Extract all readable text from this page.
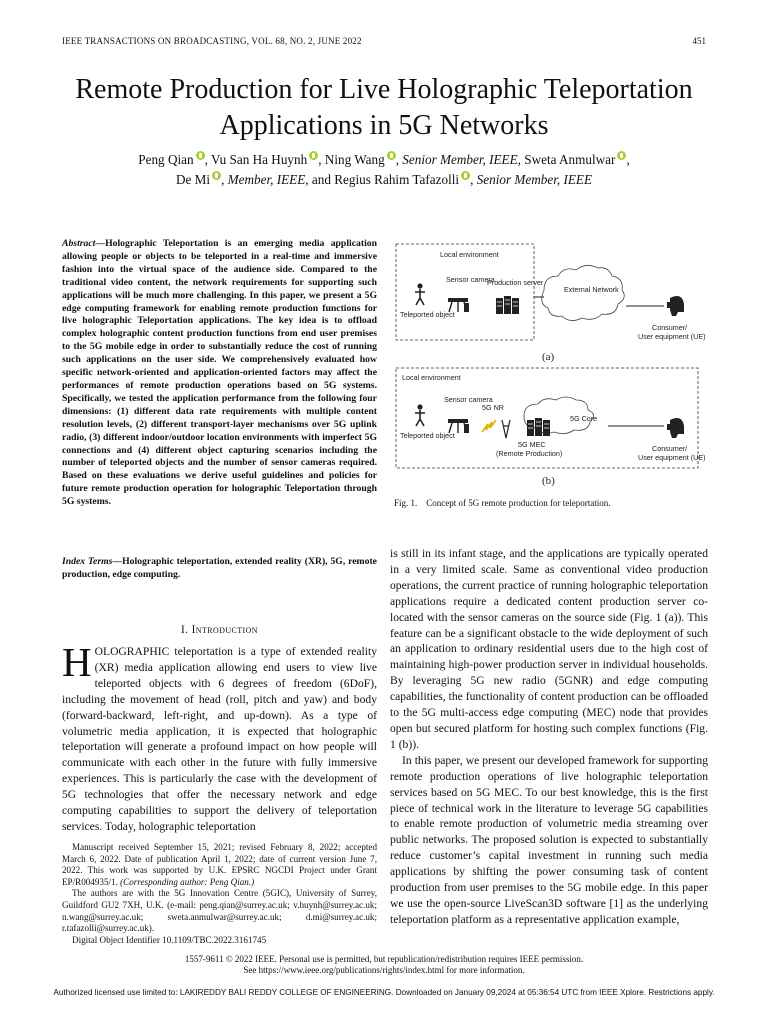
IEEE TRANSACTIONS ON BROADCASTING, VOL. 68, NO. 2, JUNE 2022	451
Remote Production for Live Holographic Teleportation Applications in 5G Networks
Peng Qian , Vu San Ha Huynh , Ning Wang , Senior Member, IEEE, Sweta Anmulwar ,
De Mi , Member, IEEE, and Regius Rahim Tafazolli , Senior Member, IEEE
Abstract—Holographic Teleportation is an emerging media application allowing people or objects to be teleported in a real-time and immersive fashion into the virtual space of the audience side. Compared to the traditional video content, the network requirements for supporting such applications will be much more challenging. In this paper, we present a 5G edge computing framework for enabling remote production functions for live holographic Teleportation applications. The key idea is to offload complex holographic content production functions from end user premises to the 5G mobile edge in order to substantially reduce the cost of running such applications on the user side. We comprehensively evaluated how specific network-oriented and application-oriented factors may affect the performances of remote production operations based on 5G systems. Specifically, we tested the application performance from the following four dimensions: (1) different data rate requirements with multiple content resolution levels, (2) different transport-layer mechanisms over 5G uplink radio, (3) different indoor/outdoor location environments with imperfect 5G connections and (4) different object capturing scenarios including the number of teleported objects and the number of sensor cameras required. Based on these evaluations we derive useful guidelines and policies for future remote production operation for holographic Teleportation through 5G systems.
Index Terms—Holographic teleportation, extended reality (XR), 5G, remote production, edge computing.
I. Introduction
HOLOGRAPHIC teleportation is a type of extended reality (XR) media application allowing end users to view live teleported objects with 6 degrees of freedom (6DoF), including the movement of head (roll, pitch and yaw) and body (forward-backward, left-right, and up-down). As a type of volumetric media application, it is expected that holographic teleportation will generate a profound impact on how people will communicate with each other in the future with fully immersive experiences. This is particularly the case with the development of 5G technologies that offer the necessary network and edge computing capabilities to support the delivery of teleportation services. Today, holographic teleportation

Manuscript received September 15, 2021; revised February 8, 2022; accepted March 6, 2022. Date of publication April 1, 2022; date of current version June 7, 2022. This work was supported by U.K. EPSRC NGCDI Project under Grant EP/R004935/1. (Corresponding author: Peng Qian.)

The authors are with the 5G Innovation Centre (5GIC), University of Surrey, Guildford GU2 7XH, U.K. (e-mail: peng.qian@surrey.ac.uk; v.huynh@surrey.ac.uk; n.wang@surrey.ac.uk; sweta.anmulwar@surrey.ac.uk; d.mi@surrey.ac.uk; r.tafazolli@surrey.ac.uk).

Digital Object Identifier 10.1109/TBC.2022.3161745

Local environment
Sensor camera
Production server
Teleported object
External Network
Consumer/
User equipment (UE)
(a)
Local environment
Sensor camera
Teleported object
5G NR
5G Core
5G MEC
(Remote Production)
Consumer/
User equipment (UE)
(b)
Fig. 1.    Concept of 5G remote production for teleportation.

is still in its infant stage, and the applications are typically operated in a very limited scale. Same as conventional video production operations, the current practice of running holographic teleportation applications require a dedicated content production server co-located with the sensor cameras on the source side (Fig. 1 (a)). This feature can be a significant obstacle to the wide deployment of such an application to ordinary residential users due to the high cost of maintaining high-power production server in individual households. By leveraging 5G new radio (5GNR) and edge computing capabilities, the functionality of content production can be offloaded to the 5G multi-access edge computing (MEC) node that provides open but secured platform for hosting such complex functions (Fig. 1 (b)).

In this paper, we present our developed framework for supporting remote production operations of live holographic teleportation services based on 5G MEC. To our best knowledge, this is the first piece of technical work in the literature to leverage 5G capabilities to enable remote production of volumetric media streaming over public networks. The proposed solution is expected to substantially reduce customer’s capital investment in running such media applications by shifting the power consuming task of content production from user premises to the 5G mobile edge. In this paper we use the open-source LiveScan3D software [1] as the underlying teleportation platform as a representative application example,

1557-9611 © 2022 IEEE. Personal use is permitted, but republication/redistribution requires IEEE permission.
See https://www.ieee.org/publications/rights/index.html for more information.
Authorized licensed use limited to: LAKIREDDY BALI REDDY COLLEGE OF ENGINEERING. Downloaded on January 09,2024 at 05:36:54 UTC from IEEE Xplore. Restrictions apply.
